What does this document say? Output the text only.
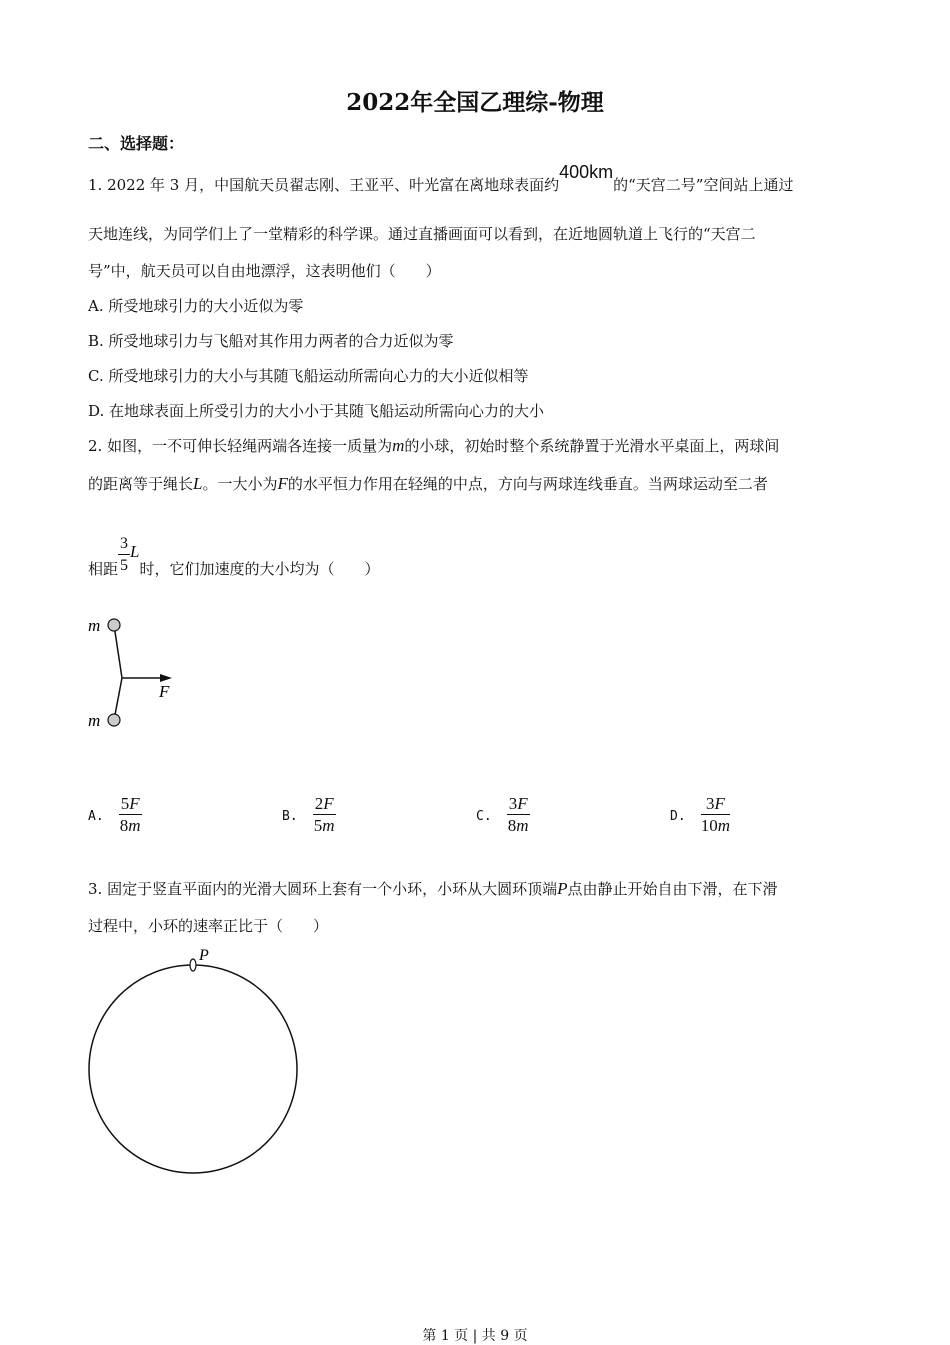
2022年全国乙理综-物理
二、选择题：
1. 2022 年 3 月，中国航天员翟志刚、王亚平、叶光富在离地球表面约400km的“天宫二号”空间站上通过
天地连线，为同学们上了一堂精彩的科学课。通过直播画面可以看到，在近地圆轨道上飞行的“天宫二
号”中，航天员可以自由地漂浮，这表明他们（　　）
A. 所受地球引力的大小近似为零
B. 所受地球引力与飞船对其作用力两者的合力近似为零
C. 所受地球引力的大小与其随飞船运动所需向心力的大小近似相等
D. 在地球表面上所受引力的大小小于其随飞船运动所需向心力的大小
2. 如图，一不可伸长轻绳两端各连接一质量为m的小球，初始时整个系统静置于光滑水平桌面上，两球间
的距离等于绳长L。一大小为F的水平恒力作用在轻绳的中点，方向与两球连线垂直。当两球运动至二者
相距 $\frac{3}{5}$ L时，它们加速度的大小均为（　　）
m
m
F
A. $\frac{5F}{8m}$	B. $\frac{2F}{5m}$	C. $\frac{3F}{8m}$	D. $\frac{3F}{10m}$
3. 固定于竖直平面内的光滑大圆环上套有一个小环，小环从大圆环顶端P点由静止开始自由下滑，在下滑
过程中，小环的速率正比于（　　）
P
第 1 页 | 共 9 页
